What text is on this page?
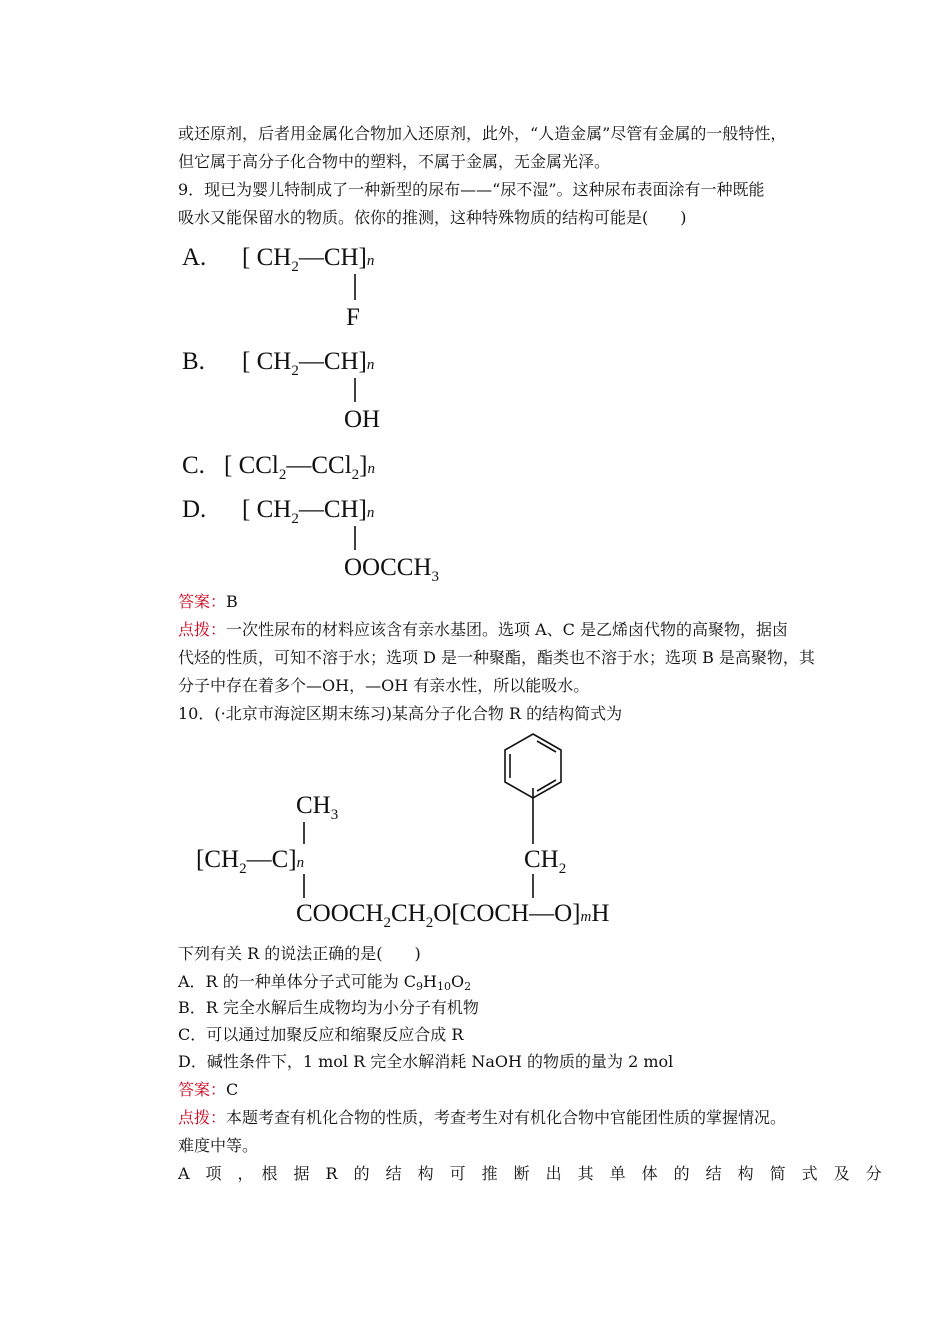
或还原剂，后者用金属化合物加入还原剂，此外，“人造金属”尽管有金属的一般特性，
但它属于高分子化合物中的塑料，不属于金属，无金属光泽。
9．现已为婴儿特制成了一种新型的尿布——“尿不湿”。这种尿布表面涂有一种既能
吸水又能保留水的物质。依你的推测，这种特殊物质的结构可能是(　　)
A. [ $CH_2—CH]n$
F
B. [ $CH_2—CH]n$
OH
C. [ CCl$_2$—CCl$_2$]n
D. [ $CH_2—CH]n$
$OOCCH_3$
答案：B
点拨：一次性尿布的材料应该含有亲水基团。选项 A、C 是乙烯卤代物的高聚物，据卤
代烃的性质，可知不溶于水；选项 D 是一种聚酯，酯类也不溶于水；选项 B 是高聚物，其
分子中存在着多个—OH，—OH 有亲水性，所以能吸水。
10．(·北京市海淀区期末练习)某高分子化合物 R 的结构简式为
$CH_3$
$[CH_2—C]n$	$CH_2$
$COOCH_2CH_2O[COCH—O]mH$
下列有关 R 的说法正确的是(　　)
A．R 的一种单体分子式可能为 $C_9H_{10}O_2$
B．R 完全水解后生成物均为小分子有机物
C．可以通过加聚反应和缩聚反应合成 R
D．碱性条件下，1 mol R 完全水解消耗 NaOH 的物质的量为 2 mol
答案：C
点拨：本题考查有机化合物的性质，考查考生对有机化合物中官能团性质的掌握情况。
难度中等。
A　项　，　根　据　R　的　结　构　可　推　断　出　其　单　体　的　结　构　简　式　及　分
